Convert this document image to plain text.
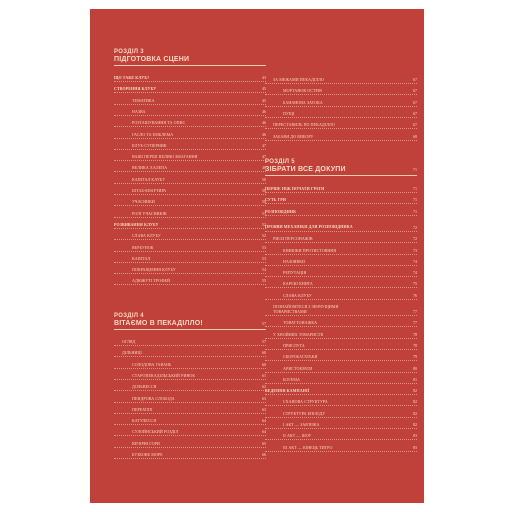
РОЗДІЛ 3
ПІДГОТОВКА СЦЕНИ
ЩО ТАКЕ КЛУБ?	43
СТВОРЕННЯ КЛУБУ	45
ТЕМАТИКА	45
НАЗВА	46
РОЗТАШУВАННЯ ТА ОПИС	46
ГАСЛО ТА ЕМБЛЕМА	46
КЛУБ-СУПЕРНИК	47
ВАШІ ПЕРШІ ВЕЛИКІ ЗМАГАННЯ	47
ВЕЛИКА ХАЛЕПА	48
КАПІТАЛ КЛУБУ	50
ШТАБ-КВАРТИРА	50
УЧАСНИКИ	50
РОЛІ УЧАСНИКІВ	51
РОЗВИВАННЯ КЛУБУ	52
СЛАВА КЛУБУ	52
ВЕРБУНОК	53
КАПІТАЛ	53
ПОКРАЩЕННЯ КЛУБУ	54
АДЮЖУТІ ТРОФЕЙ	55
РОЗДІЛ 4
ВІТАЄМО В ПЕКАДІЛЛО!	57
ОГЛЯД	57
ДІЛЬНИЦІ	60
СОЛОДОВА ГАВАНЬ	60
СТАРОПЕКАДІЛЬСЬКИЙ РИНОК	61
ДОЛЬВЕССЯ	62
ПЕНДРОВА СЛОБОДА	63
ПЕРЕХОПІ	63
КАТУЛЕССЯ	64
СУЛОЙНСЬКИЙ РОЗДІЛ	64
ВЕЧІРНІ ГОРИ	65
БУЗКОВЕ МОРЕ	66
ЗА МЕЖАМИ ПЕКАДІЛЛО	67
МОРТАНОВ ОСТРІВ	67
БАНАНОВА ЗАТОКА	67
ПУЩІ	67
ПЕРЕСТАВИЛЬ ПО ПЕКАДІЛЛО	67
ЗАБАВИ ДО ВИБОРУ	68
РОЗДІЛ 5
ЗІБРАТИ ВСЕ ДОКУПИ	71
ПЕРШЕ НІЖ ПОЧАТИ ГРАТИ	71
СУТЬ ГРИ	71
РОЗПОВІДНИК	71
ПРОЯВИ МЕХАНІКИ ДЛЯ РОЗПОВІДНИКА	72
РИСИ ПЕРСОНАЖІВ	72
КНИШКИ ПРОТИСТОЯННЯ	73
НАЗОЯВКИ	74
РЕПУТАЦІЯ	74
КАРЄЮ КНИГА	75
СЛАВА КЛУБУ	76
ПОЗНАЙОМТЕСЯ З ЗНАЧУЩИМИ ТОВАРИСТВАМИ	77
ТОВАТТОНАЖКА	77
У ХВОЙНИХ ТОВАРИСТВ	78
ПРИСЛУГА	78
СКОРОБАГАТЬКИ	79
АРИСТОКРАТИ	80
БОГЕМА	81
ВЕДЕННЯ КАМПАНІЇ	82
СХАНОВА СТРУКТУРА	82
СТРУКТУРА ЕПІЗОДУ	82
І АКТ — ЗАВ'ЯЗКА	82
ІІ АКТ — ШОУ	83
ІІІ АКТ — КІНЕЦЬ ТИГРО	83
